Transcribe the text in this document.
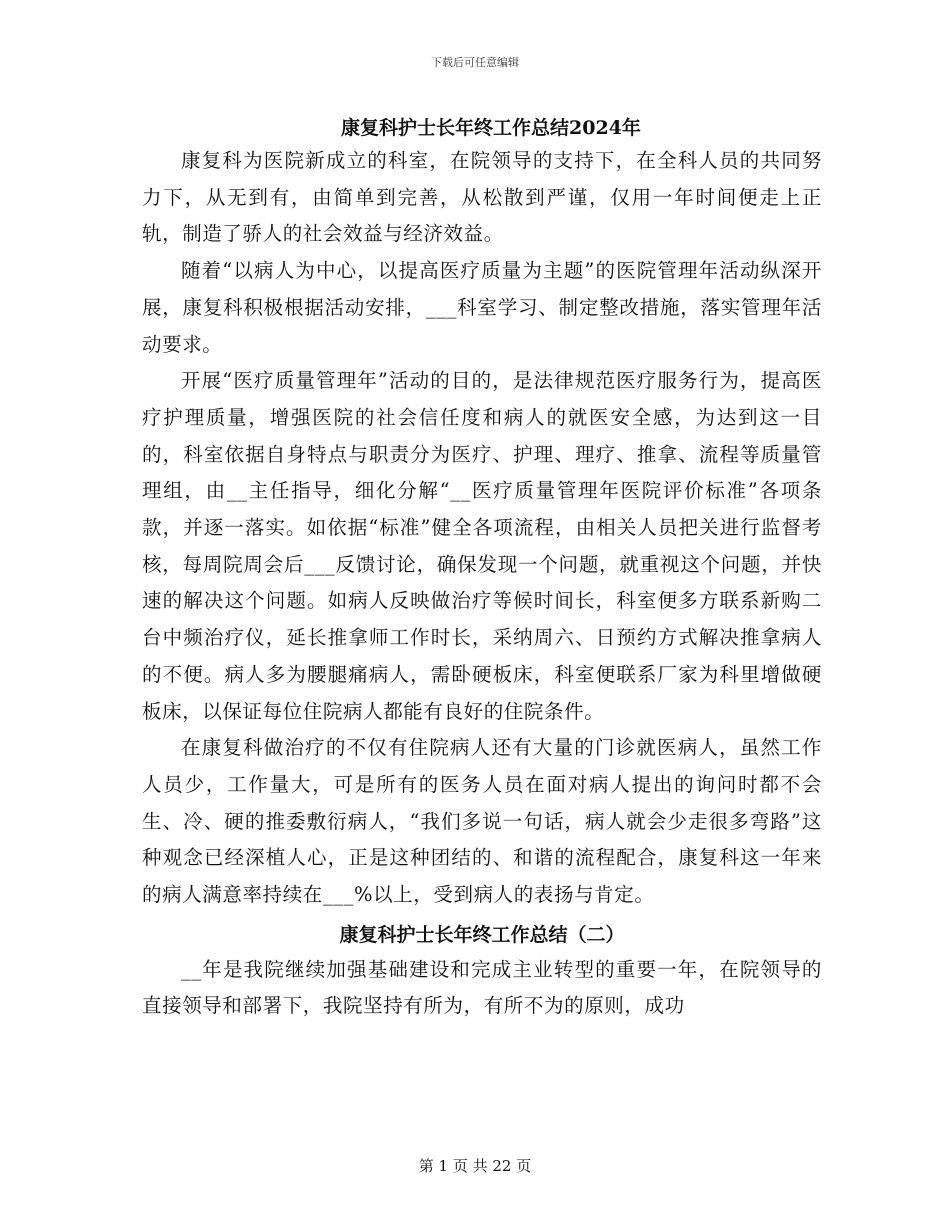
下载后可任意编辑
康复科护士长年终工作总结2024年

康复科为医院新成立的科室，在院领导的支持下，在全科人员的共同努力下，从无到有，由简单到完善，从松散到严谨，仅用一年时间便走上正轨，制造了骄人的社会效益与经济效益。

随着“以病人为中心，以提高医疗质量为主题”的医院管理年活动纵深开展，康复科积极根据活动安排，___科室学习、制定整改措施，落实管理年活动要求。

开展“医疗质量管理年”活动的目的，是法律规范医疗服务行为，提高医疗护理质量，增强医院的社会信任度和病人的就医安全感，为达到这一目的，科室依据自身特点与职责分为医疗、护理、理疗、推拿、流程等质量管理组，由__主任指导，细化分解“__医疗质量管理年医院评价标准”各项条款，并逐一落实。如依据“标准”健全各项流程，由相关人员把关进行监督考核，每周院周会后___反馈讨论，确保发现一个问题，就重视这个问题，并快速的解决这个问题。如病人反映做治疗等候时间长，科室便多方联系新购二台中频治疗仪，延长推拿师工作时长，采纳周六、日预约方式解决推拿病人的不便。病人多为腰腿痛病人，需卧硬板床，科室便联系厂家为科里增做硬板床，以保证每位住院病人都能有良好的住院条件。

在康复科做治疗的不仅有住院病人还有大量的门诊就医病人，虽然工作人员少，工作量大，可是所有的医务人员在面对病人提出的询问时都不会生、冷、硬的推委敷衍病人，“我们多说一句话，病人就会少走很多弯路”这种观念已经深植人心，正是这种团结的、和谐的流程配合，康复科这一年来的病人满意率持续在___%以上，受到病人的表扬与肯定。

康复科护士长年终工作总结（二）

__年是我院继续加强基础建设和完成主业转型的重要一年，在院领导的直接领导和部署下，我院坚持有所为，有所不为的原则，成功

第 1 页 共 22 页
